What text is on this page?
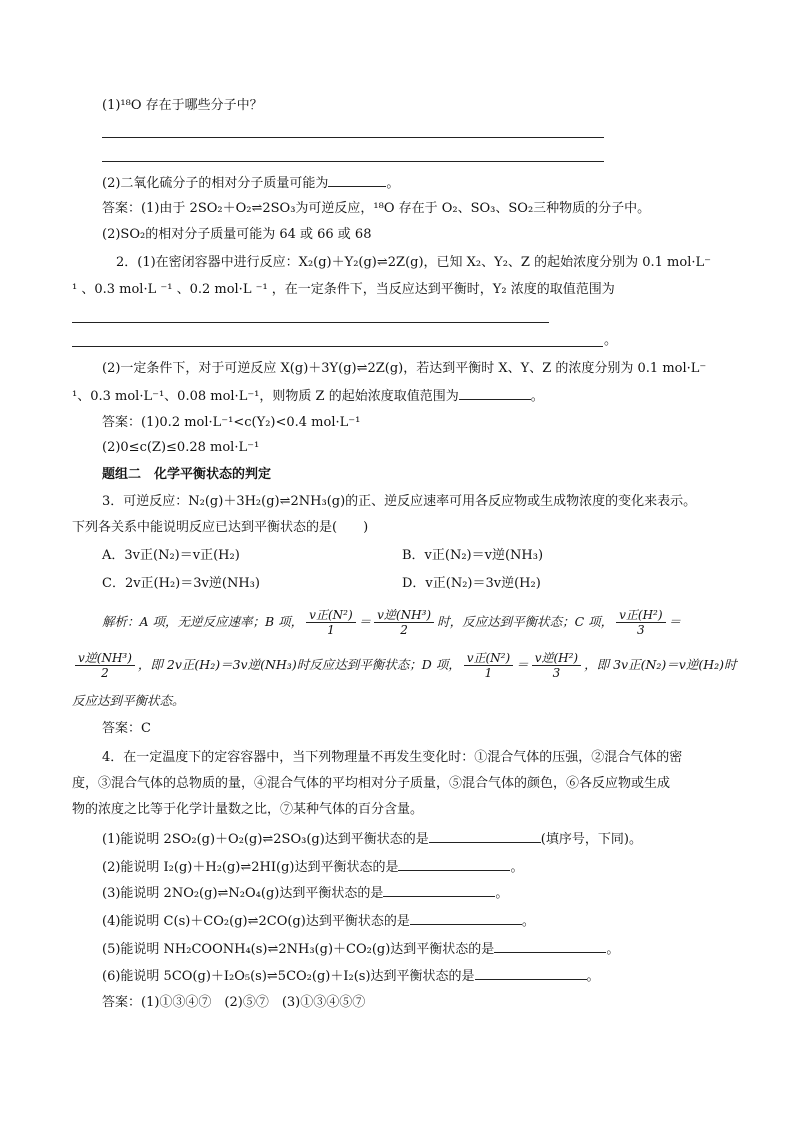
(1)¹⁸O 存在于哪些分子中？
(2)二氧化硫分子的相对分子质量可能为	。
答案：(1)由于 2SO₂＋O₂⇌2SO₃为可逆反应，¹⁸O 存在于 O₂、SO₃、SO₂三种物质的分子中。
(2)SO₂的相对分子质量可能为 64 或 66 或 68
2．(1)在密闭容器中进行反应：X₂(g)＋Y₂(g)⇌2Z(g)，已知 X₂、Y₂、Z 的起始浓度分别为 0.1 mol·L⁻
¹ 、0.3 mol·L ⁻¹ 、0.2 mol·L ⁻¹ ，在一定条件下，当反应达到平衡时，Y₂ 浓度的取值范围为
。
(2)一定条件下，对于可逆反应 X(g)＋3Y(g)⇌2Z(g)，若达到平衡时 X、Y、Z 的浓度分别为 0.1 mol·L⁻
¹、0.3 mol·L⁻¹、0.08 mol·L⁻¹，则物质 Z 的起始浓度取值范围为	。
答案：(1)0.2 mol·L⁻¹<c(Y₂)<0.4 mol·L⁻¹
(2)0≤c(Z)≤0.28 mol·L⁻¹
题组二　化学平衡状态的判定
3．可逆反应：N₂(g)＋3H₂(g)⇌2NH₃(g)的正、逆反应速率可用各反应物或生成物浓度的变化来表示。
下列各关系中能说明反应已达到平衡状态的是(　　)
A．3v正(N₂)＝v正(H₂)	B．v正(N₂)＝v逆(NH₃)
C．2v正(H₂)＝3v逆(NH₃)	D．v正(N₂)＝3v逆(H₂)
解析：A 项，无逆反应速率；B 项， $\frac{\text{v正(N²)}}{1} = \frac{\text{v逆(NH³)}}{2}$ 时，反应达到平衡状态；C 项， $\frac{\text{v正(H²)}}{3}$ ＝
$\frac{\text{v逆(NH³)}}{2}$ ，即 2v正(H₂)＝3v逆(NH₃)时反应达到平衡状态；D 项， $\frac{\text{v正(N²)}}{1} = \frac{\text{v逆(H²)}}{3}$ ，即 3v正(N₂)＝v逆(H₂)时
反应达到平衡状态。
答案：C
4．在一定温度下的定容容器中，当下列物理量不再发生变化时：①混合气体的压强，②混合气体的密
度，③混合气体的总物质的量，④混合气体的平均相对分子质量，⑤混合气体的颜色，⑥各反应物或生成
物的浓度之比等于化学计量数之比，⑦某种气体的百分含量。
(1)能说明 2SO₂(g)＋O₂(g)⇌2SO₃(g)达到平衡状态的是	(填序号，下同)。
(2)能说明 I₂(g)＋H₂(g)⇌2HI(g)达到平衡状态的是	。
(3)能说明 2NO₂(g)⇌N₂O₄(g)达到平衡状态的是	。
(4)能说明 C(s)＋CO₂(g)⇌2CO(g)达到平衡状态的是	。
(5)能说明 NH₂COONH₄(s)⇌2NH₃(g)＋CO₂(g)达到平衡状态的是	。
(6)能说明 5CO(g)＋I₂O₅(s)⇌5CO₂(g)＋I₂(s)达到平衡状态的是	。
答案：(1)①③④⑦　(2)⑤⑦　(3)①③④⑤⑦
